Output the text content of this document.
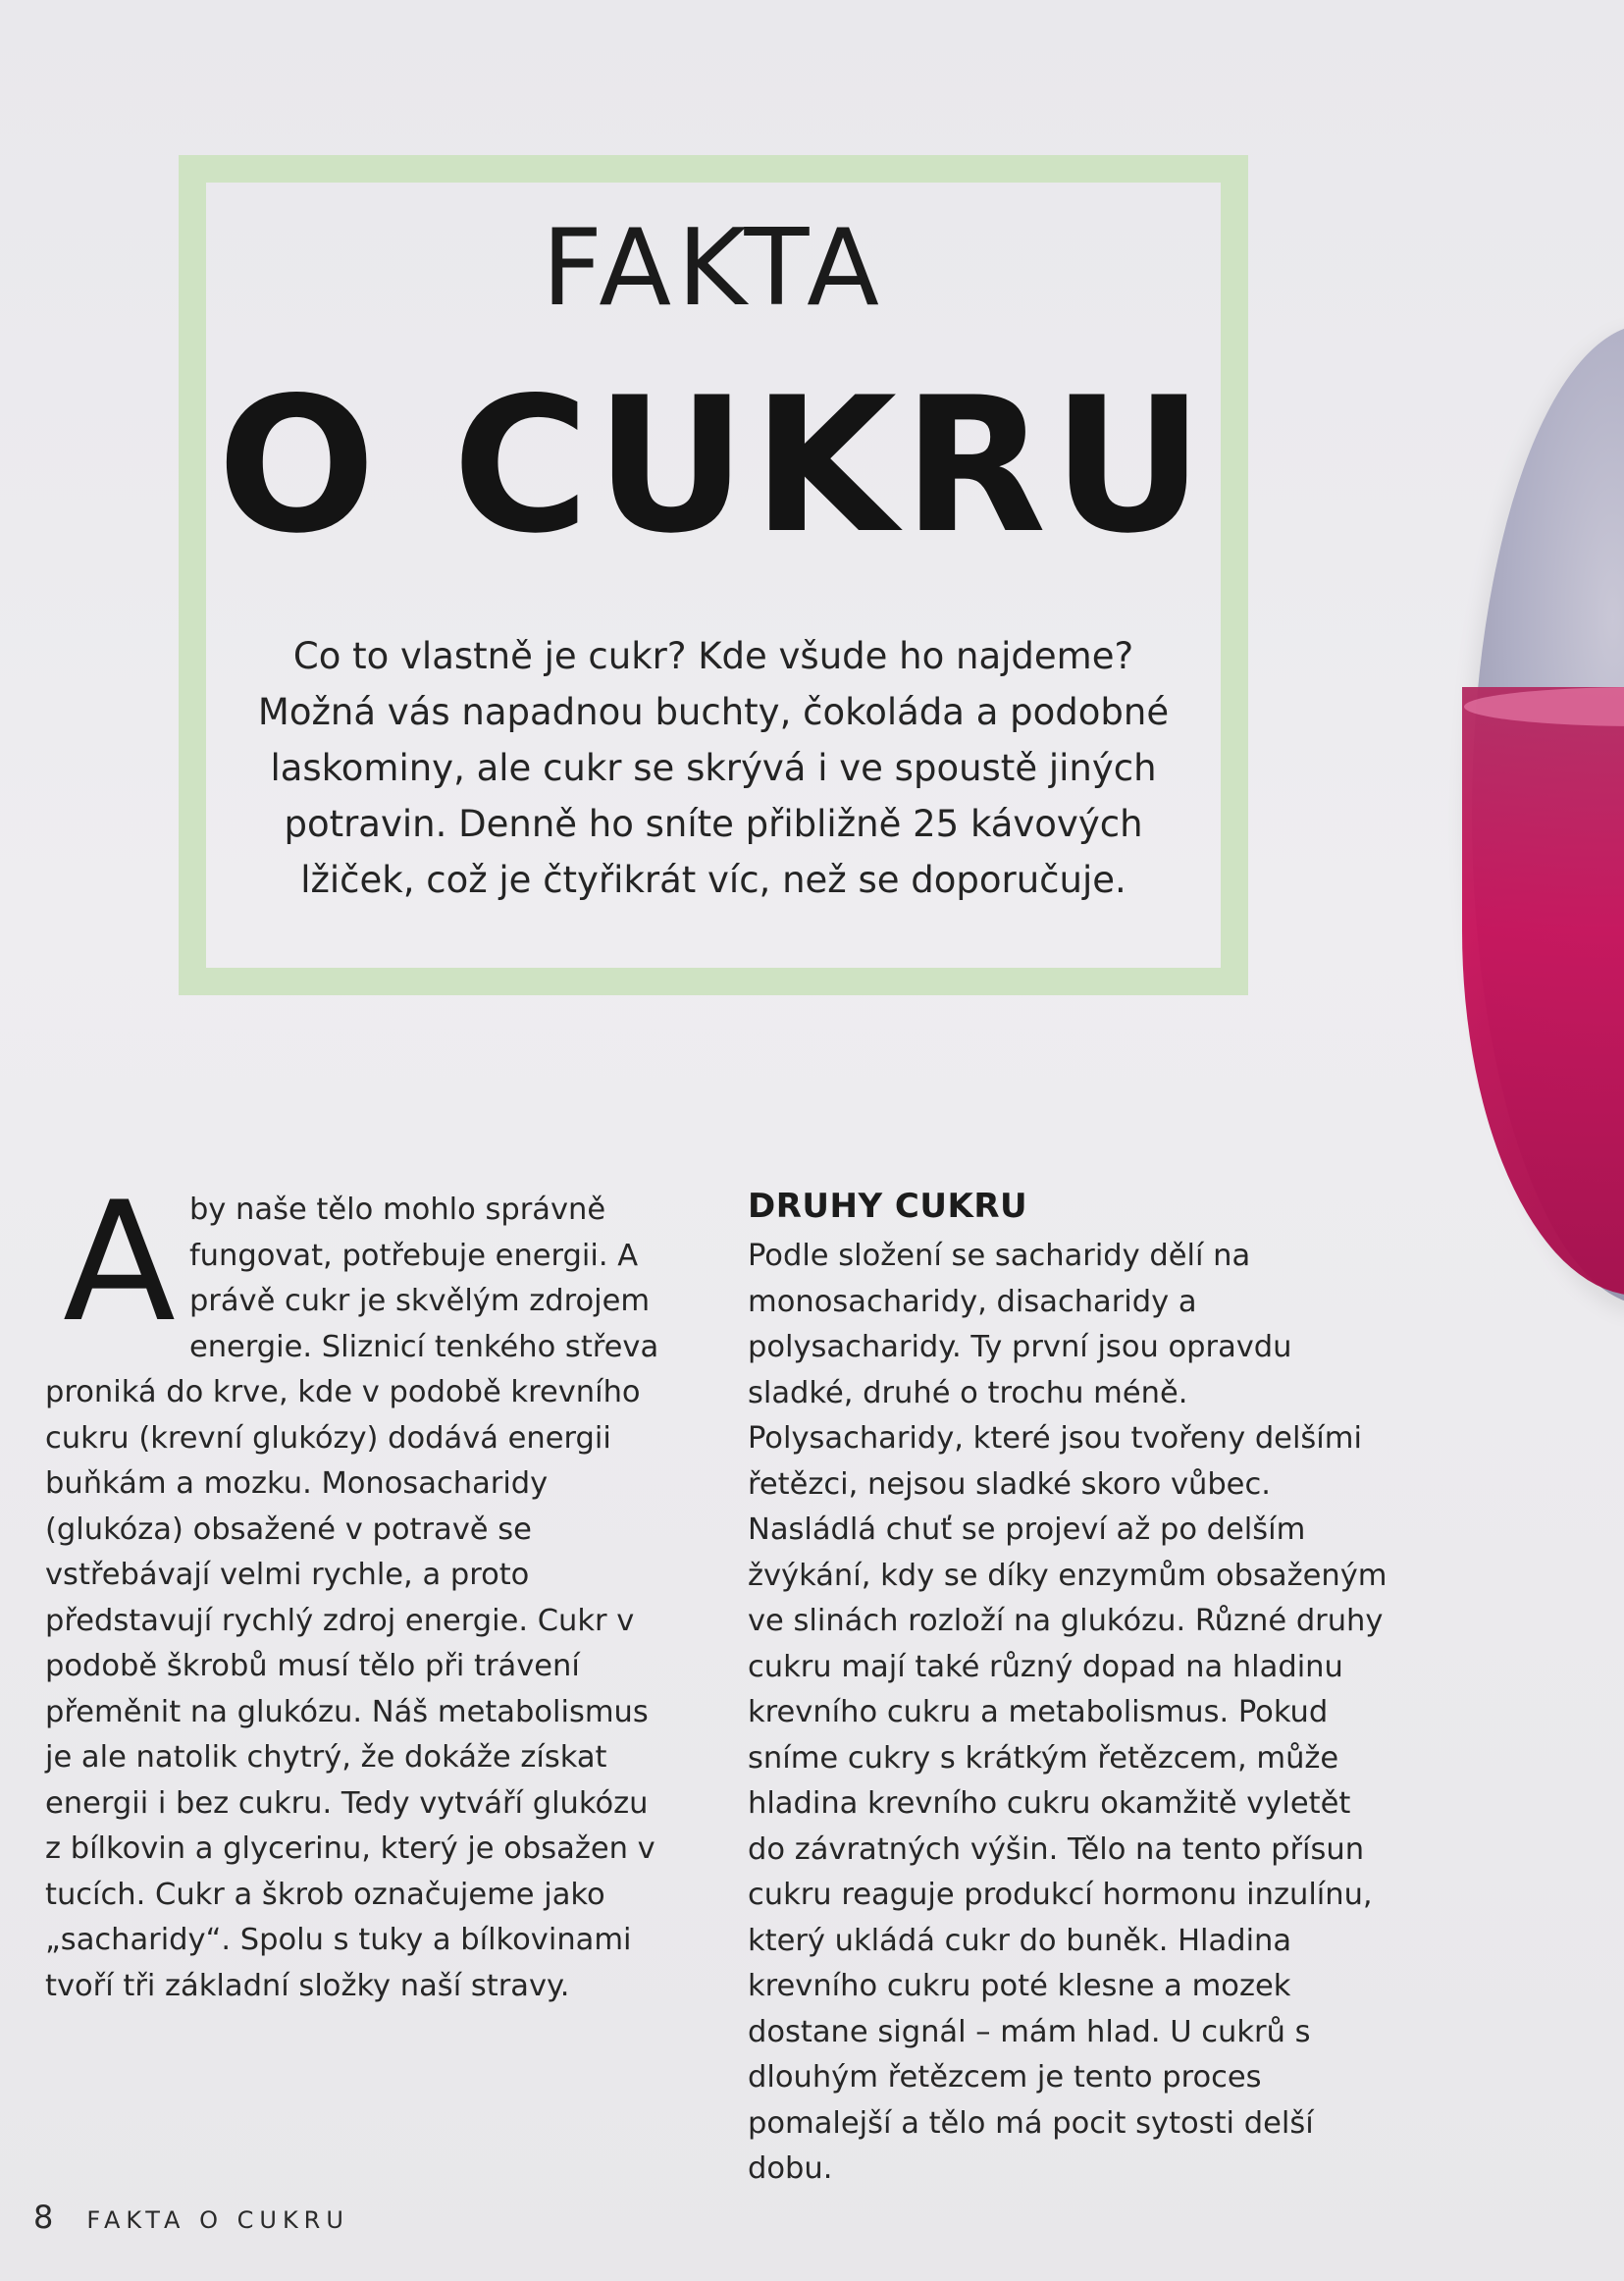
FAKTA
O CUKRU

Co to vlastně je cukr? Kde všude ho najdeme? Možná vás napadnou buchty, čokoláda a podobné laskominy, ale cukr se skrývá i ve spoustě jiných potravin. Denně ho sníte přibližně 25 kávových lžiček, což je čtyřikrát víc, než se doporučuje.

A by naše tělo mohlo správně fungovat, potřebuje energii. A právě cukr je skvělým zdrojem energie. Sliznicí tenkého střeva proniká do krve, kde v podobě krevního cukru (krevní glukózy) dodává energii buňkám a mozku. Monosacharidy (glukóza) obsažené v potravě se vstřebávají velmi rychle, a proto představují rychlý zdroj energie. Cukr v podobě škrobů musí tělo při trávení přeměnit na glukózu. Náš metabolismus je ale natolik chytrý, že dokáže získat energii i bez cukru. Tedy vytváří glukózu z bílkovin a glycerinu, který je obsažen v tucích. Cukr a škrob označujeme jako „sacharidy“. Spolu s tuky a bílkovinami tvoří tři základní složky naší stravy.
DRUHY CUKRU

Podle složení se sacharidy dělí na monosacharidy, disacharidy a polysacharidy. Ty první jsou opravdu sladké, druhé o trochu méně. Polysacharidy, které jsou tvořeny delšími řetězci, nejsou sladké skoro vůbec. Nasládlá chuť se projeví až po delším žvýkání, kdy se díky enzymům obsaženým ve slinách rozloží na glukózu. Různé druhy cukru mají také různý dopad na hladinu krevního cukru a metabolismus. Pokud sníme cukry s krátkým řetězcem, může hladina krevního cukru okamžitě vyletět do závratných výšin. Tělo na tento přísun cukru reaguje produkcí hormonu inzulínu, který ukládá cukr do buněk. Hladina krevního cukru poté klesne a mozek dostane signál – mám hlad. U cukrů s dlouhým řetězcem je tento proces pomalejší a tělo má pocit sytosti delší dobu.

8 FAKTA O CUKRU
